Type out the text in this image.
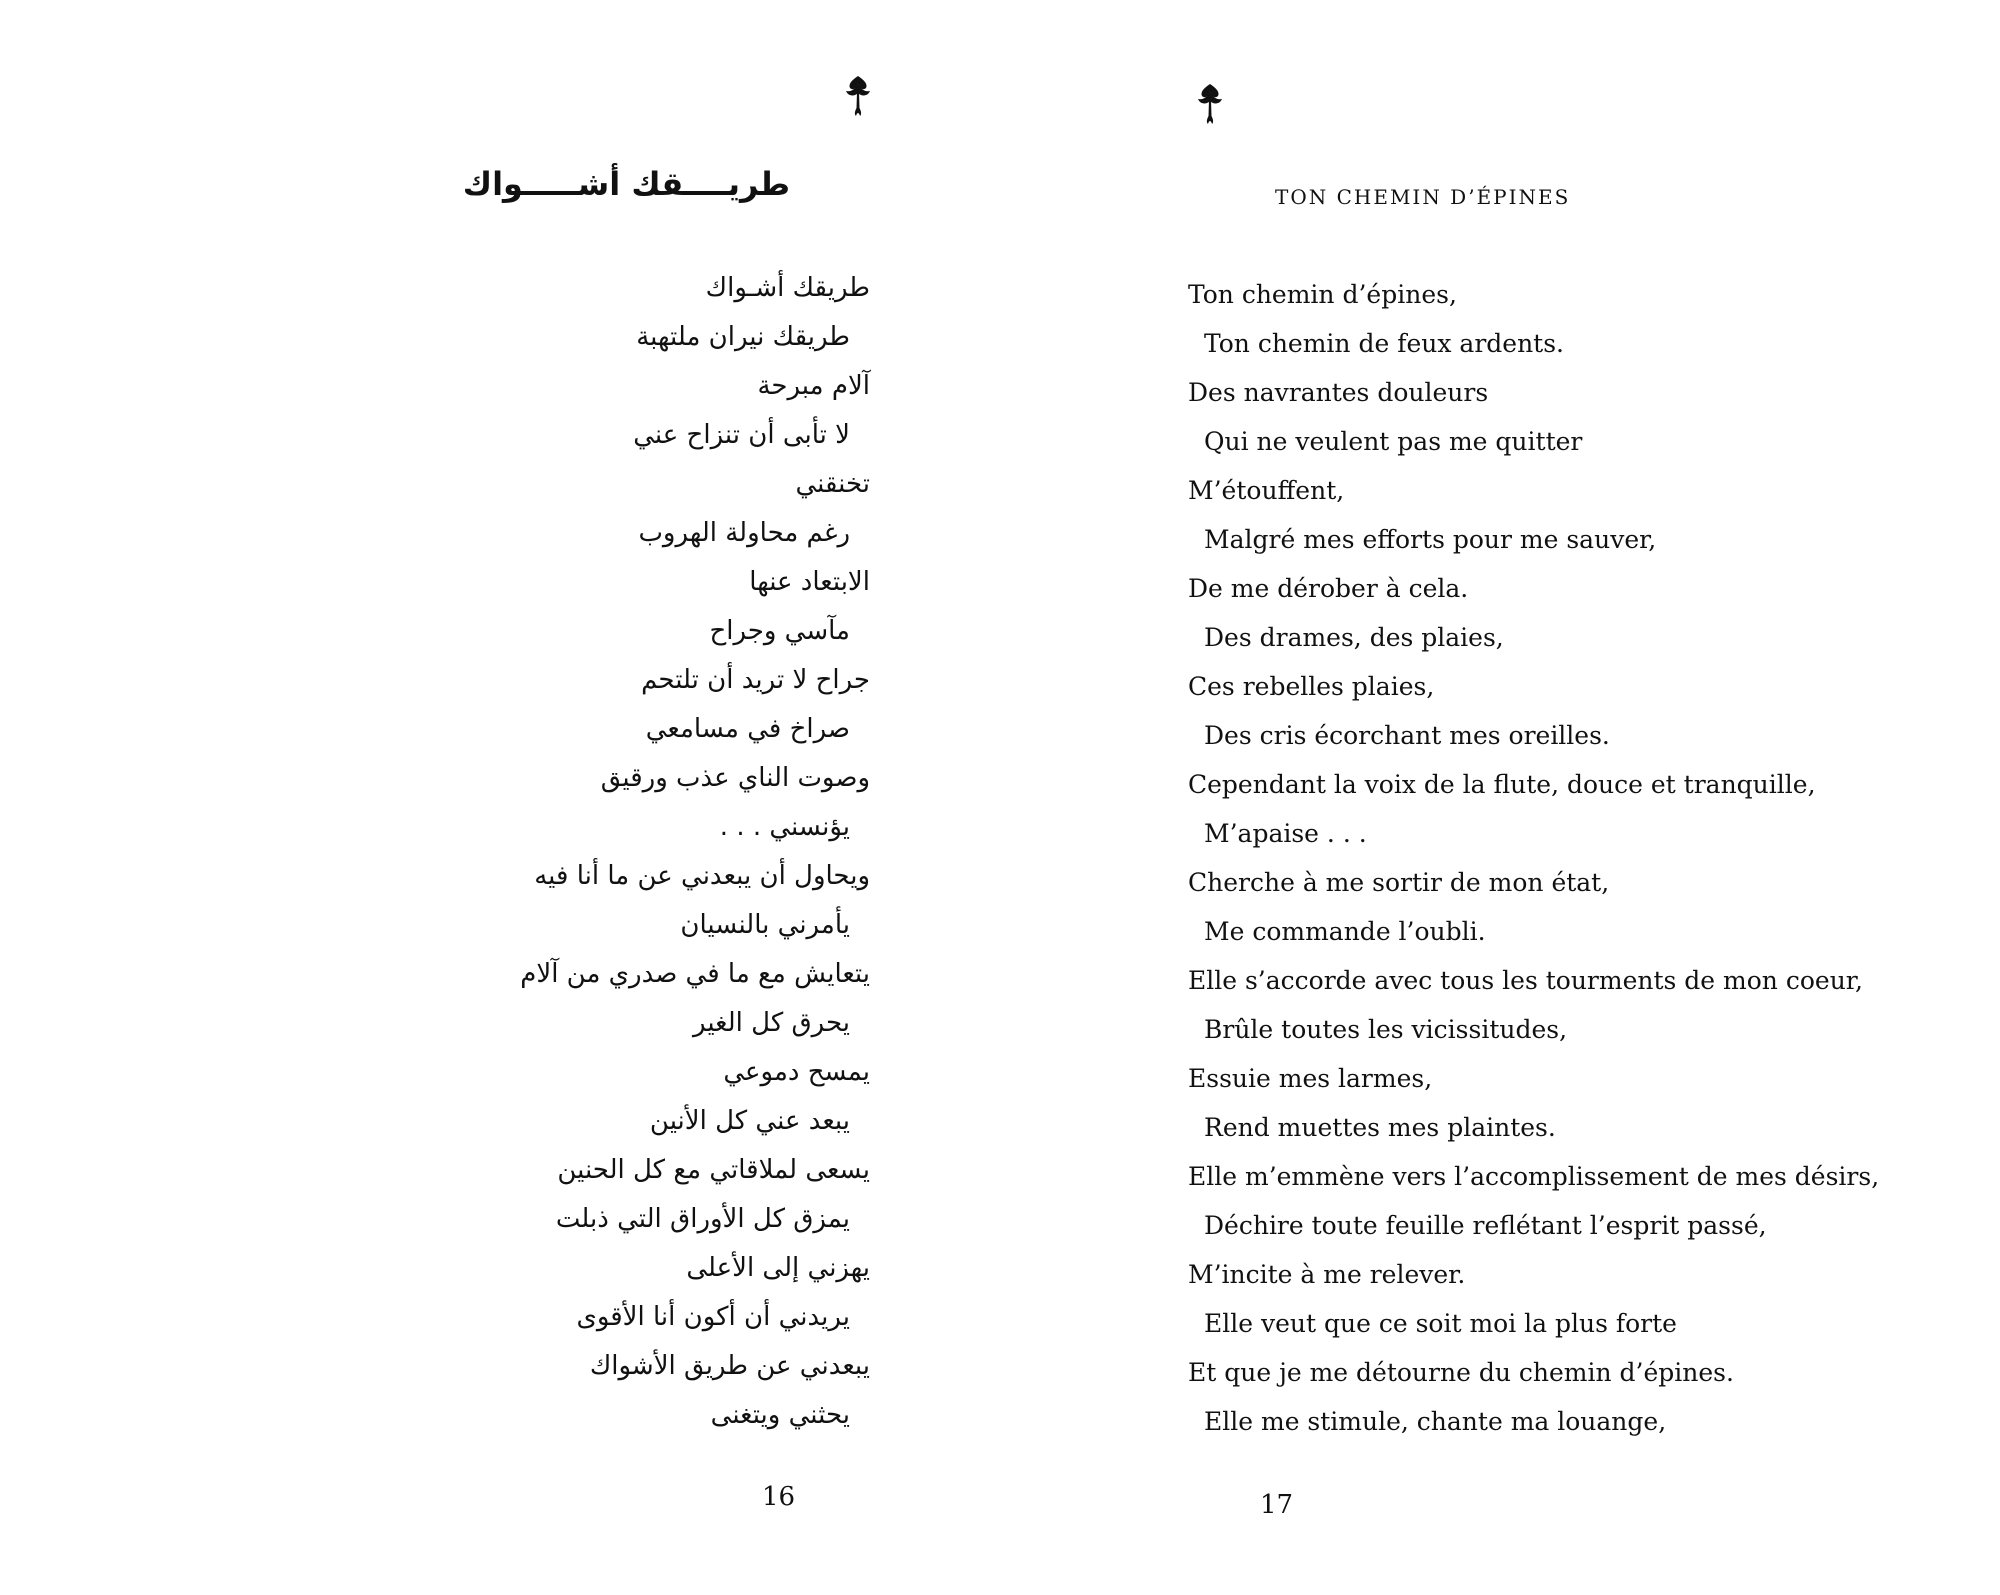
طريــــقك أشـــــواك
طريقك أشـواك
طريقك نيران ملتهبة
آلام مبرحة
لا تأبى أن تنزاح عني
تخنقني
رغم محاولة الهروب
الابتعاد عنها
مآسي وجراح
جراح لا تريد أن تلتحم
صراخ في مسامعي
وصوت الناي عذب ورقيق
يؤنسني . . .
ويحاول أن يبعدني عن ما أنا فيه
يأمرني بالنسيان
يتعايش مع ما في صدري من آلام
يحرق كل الغير
يمسح دموعي
يبعد عني كل الأنين
يسعى لملاقاتي مع كل الحنين
يمزق كل الأوراق التي ذبلت
يهزني إلى الأعلى
يريدني أن أكون أنا الأقوى
يبعدني عن طريق الأشواك
يحثني ويتغنى
16
TON CHEMIN D’ÉPINES
Ton chemin d’épines,
Ton chemin de feux ardents.
Des navrantes douleurs
Qui ne veulent pas me quitter
M’étouffent,
Malgré mes efforts pour me sauver,
De me dérober à cela.
Des drames, des plaies,
Ces rebelles plaies,
Des cris écorchant mes oreilles.
Cependant la voix de la flute, douce et tranquille,
M’apaise . . .
Cherche à me sortir de mon état,
Me commande l’oubli.
Elle s’accorde avec tous les tourments de mon coeur,
Brûle toutes les vicissitudes,
Essuie mes larmes,
Rend muettes mes plaintes.
Elle m’emmène vers l’accomplissement de mes désirs,
Déchire toute feuille reflétant l’esprit passé,
M’incite à me relever.
Elle veut que ce soit moi la plus forte
Et que je me détourne du chemin d’épines.
Elle me stimule, chante ma louange,
17
